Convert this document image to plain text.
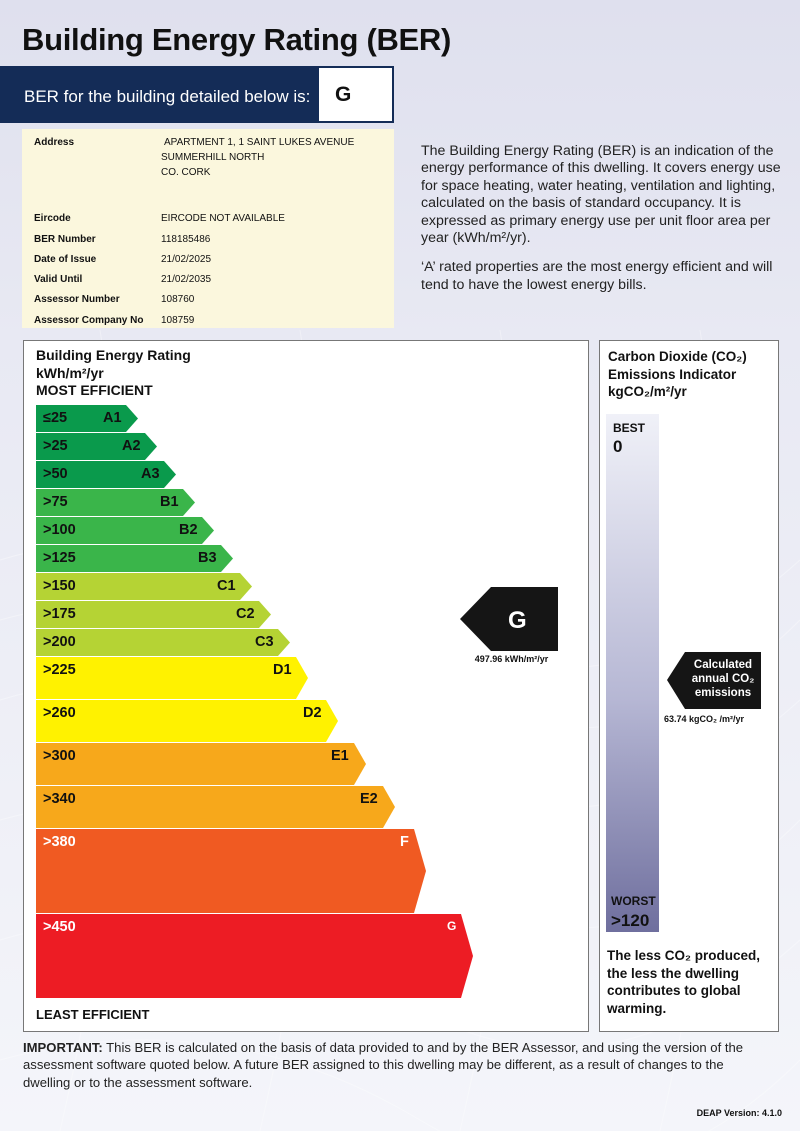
Building Energy Rating (BER)
BER for the building detailed below is:	G
Address	APARTMENT 1, 1 SAINT LUKES AVENUE
SUMMERHILL NORTH
CO. CORK
Eircode	EIRCODE NOT AVAILABLE
BER Number	118185486
Date of Issue	21/02/2025
Valid Until	21/02/2035
Assessor Number	108760
Assessor Company No 108759

The Building Energy Rating (BER) is an indication of the energy performance of this dwelling. It covers energy use for space heating, water heating, ventilation and lighting, calculated on the basis of standard occupancy. It is expressed as primary energy use per unit floor area per year (kWh/m²/yr).

‘A’ rated properties are the most energy efficient and will tend to have the lowest energy bills.

Building Energy Rating
kWh/m²/yr
MOST EFFICIENT
≤25 A1
>25	A2
>50	A3
>75	B1
>100	B2
>125	B3
>150	C1
>175	C2
>200	C3
>225	D1
>260	D2
>300	E1
>340	E2
>380	F
>450	G
LEAST EFFICIENT
G
497.96 kWh/m²/yr
Carbon Dioxide (CO₂)
Emissions Indicator
kgCO₂/m²/yr
BEST
0
WORST
>120
Calculated
annual CO₂
emissions
63.74 kgCO₂ /m²/yr
The less CO₂ produced, the less the dwelling contributes to global warming.
IMPORTANT: This BER is calculated on the basis of data provided to and by the BER Assessor, and using the version of the assessment software quoted below. A future BER assigned to this dwelling may be different, as a result of changes to the dwelling or to the assessment software.
DEAP Version: 4.1.0
